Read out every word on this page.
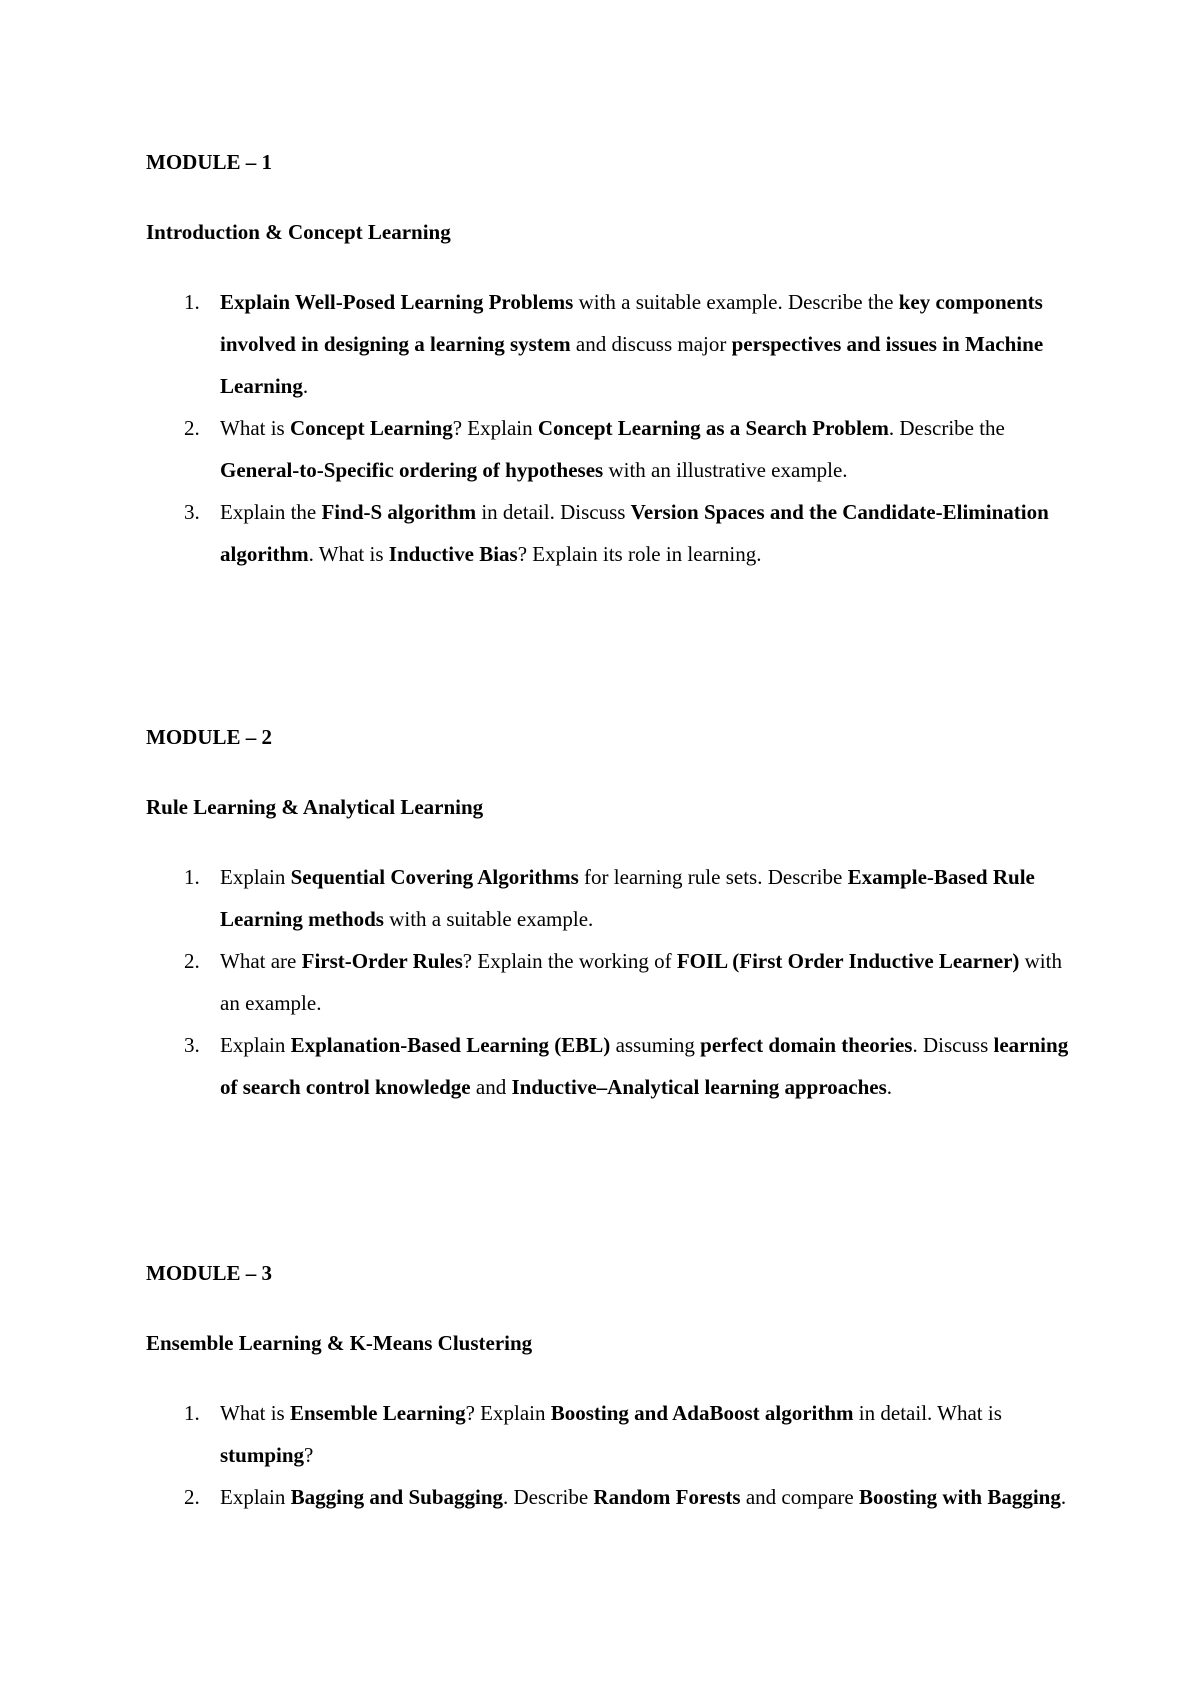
MODULE – 1

Introduction & Concept Learning

1. Explain Well-Posed Learning Problems with a suitable example. Describe the key components involved in designing a learning system and discuss major perspectives and issues in Machine Learning.
2. What is Concept Learning? Explain Concept Learning as a Search Problem. Describe the General-to-Specific ordering of hypotheses with an illustrative example.
3. Explain the Find-S algorithm in detail. Discuss Version Spaces and the Candidate-Elimination algorithm. What is Inductive Bias? Explain its role in learning.

MODULE – 2

Rule Learning & Analytical Learning

1. Explain Sequential Covering Algorithms for learning rule sets. Describe Example-Based Rule Learning methods with a suitable example.
2. What are First-Order Rules? Explain the working of FOIL (First Order Inductive Learner) with an example.
3. Explain Explanation-Based Learning (EBL) assuming perfect domain theories. Discuss learning of search control knowledge and Inductive–Analytical learning approaches.

MODULE – 3

Ensemble Learning & K-Means Clustering

1. What is Ensemble Learning? Explain Boosting and AdaBoost algorithm in detail. What is stumping?
2. Explain Bagging and Subagging. Describe Random Forests and compare Boosting with Bagging.
